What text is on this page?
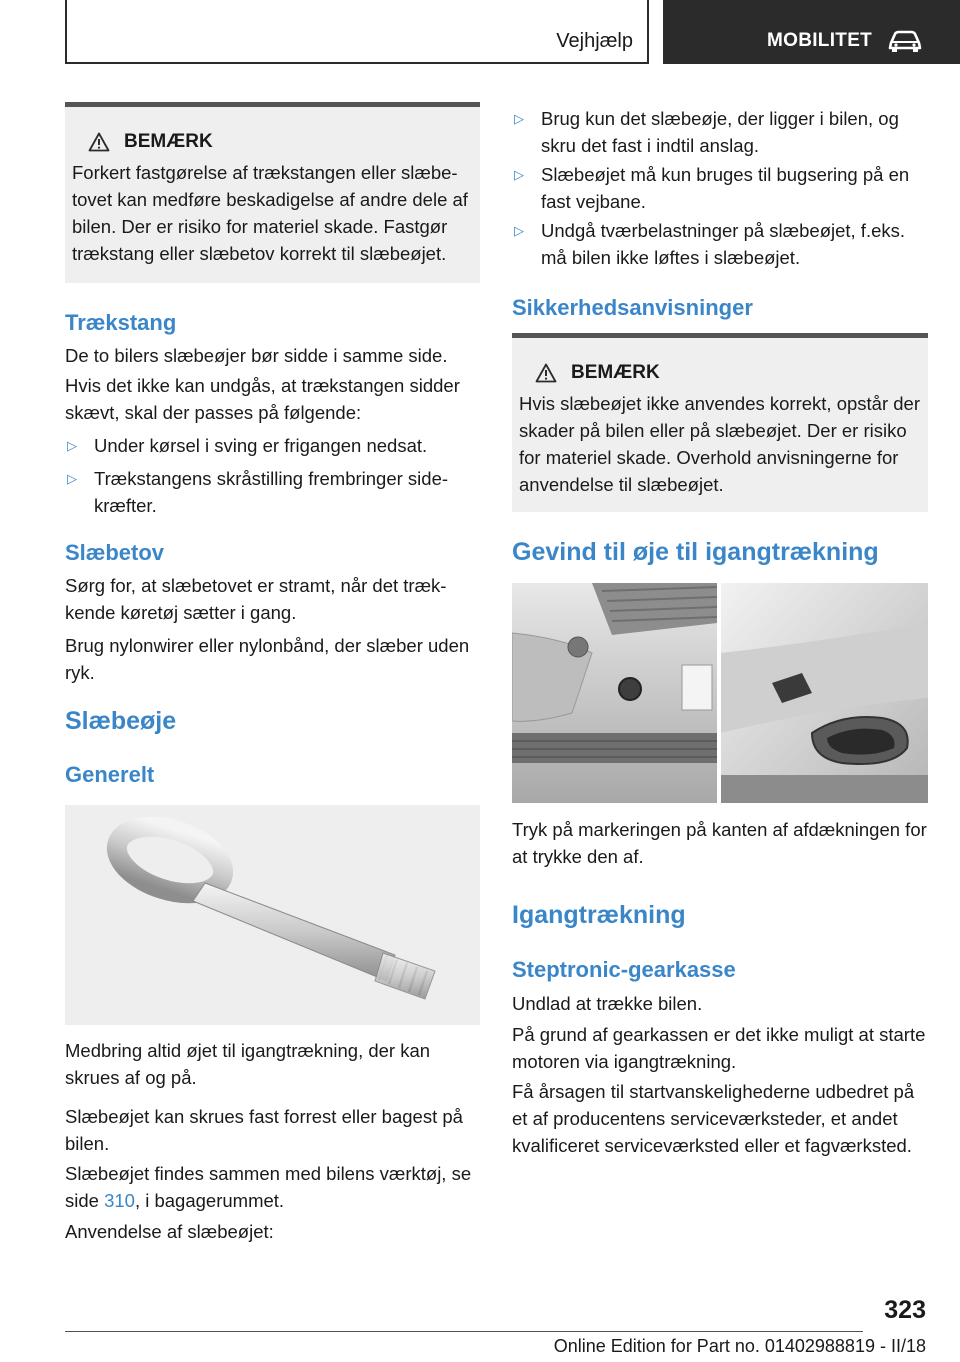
Vejhjælp	MOBILITET
BEMÆRK
Forkert fastgørelse af trækstangen eller slæbetovet kan medføre beskadigelse af andre dele af bilen. Der er risiko for materiel skade. Fastgør trækstang eller slæbetov korrekt til slæbeøjet.
Trækstang

De to bilers slæbeøjer bør sidde i samme side.

Hvis det ikke kan undgås, at trækstangen sidder skævt, skal der passes på følgende:

▷ Under kørsel i sving er frigangen nedsat.
▷ Trækstangens skråstilling frembringer sidekræfter.
Slæbetov

Sørg for, at slæbetovet er stramt, når det trækkende køretøj sætter i gang.

Brug nylonwirer eller nylonbånd, der slæber uden ryk.

Slæbeøje
Generelt

Medbring altid øjet til igangtrækning, der kan skrues af og på.

Slæbeøjet kan skrues fast forrest eller bagest på bilen.

Slæbeøjet findes sammen med bilens værktøj, se side 310, i bagagerummet.

Anvendelse af slæbeøjet:

▷ Brug kun det slæbeøje, der ligger i bilen, og skru det fast i indtil anslag.
▷ Slæbeøjet må kun bruges til bugsering på en fast vejbane.
▷ Undgå tværbelastninger på slæbeøjet, f.eks. må bilen ikke løftes i slæbeøjet.
Sikkerhedsanvisninger
BEMÆRK
Hvis slæbeøjet ikke anvendes korrekt, opstår der skader på bilen eller på slæbeøjet. Der er risiko for materiel skade. Overhold anvisningerne for anvendelse til slæbeøjet.
Gevind til øje til igangtrækning

Tryk på markeringen på kanten af afdækningen for at trykke den af.

Igangtrækning
Steptronic-gearkasse

Undlad at trække bilen.

På grund af gearkassen er det ikke muligt at starte motoren via igangtrækning.

Få årsagen til startvanskelighederne udbedret på et af producentens serviceværksteder, et andet kvalificeret serviceværksted eller et fagværksted.

323
Online Edition for Part no. 01402988819 - II/18
